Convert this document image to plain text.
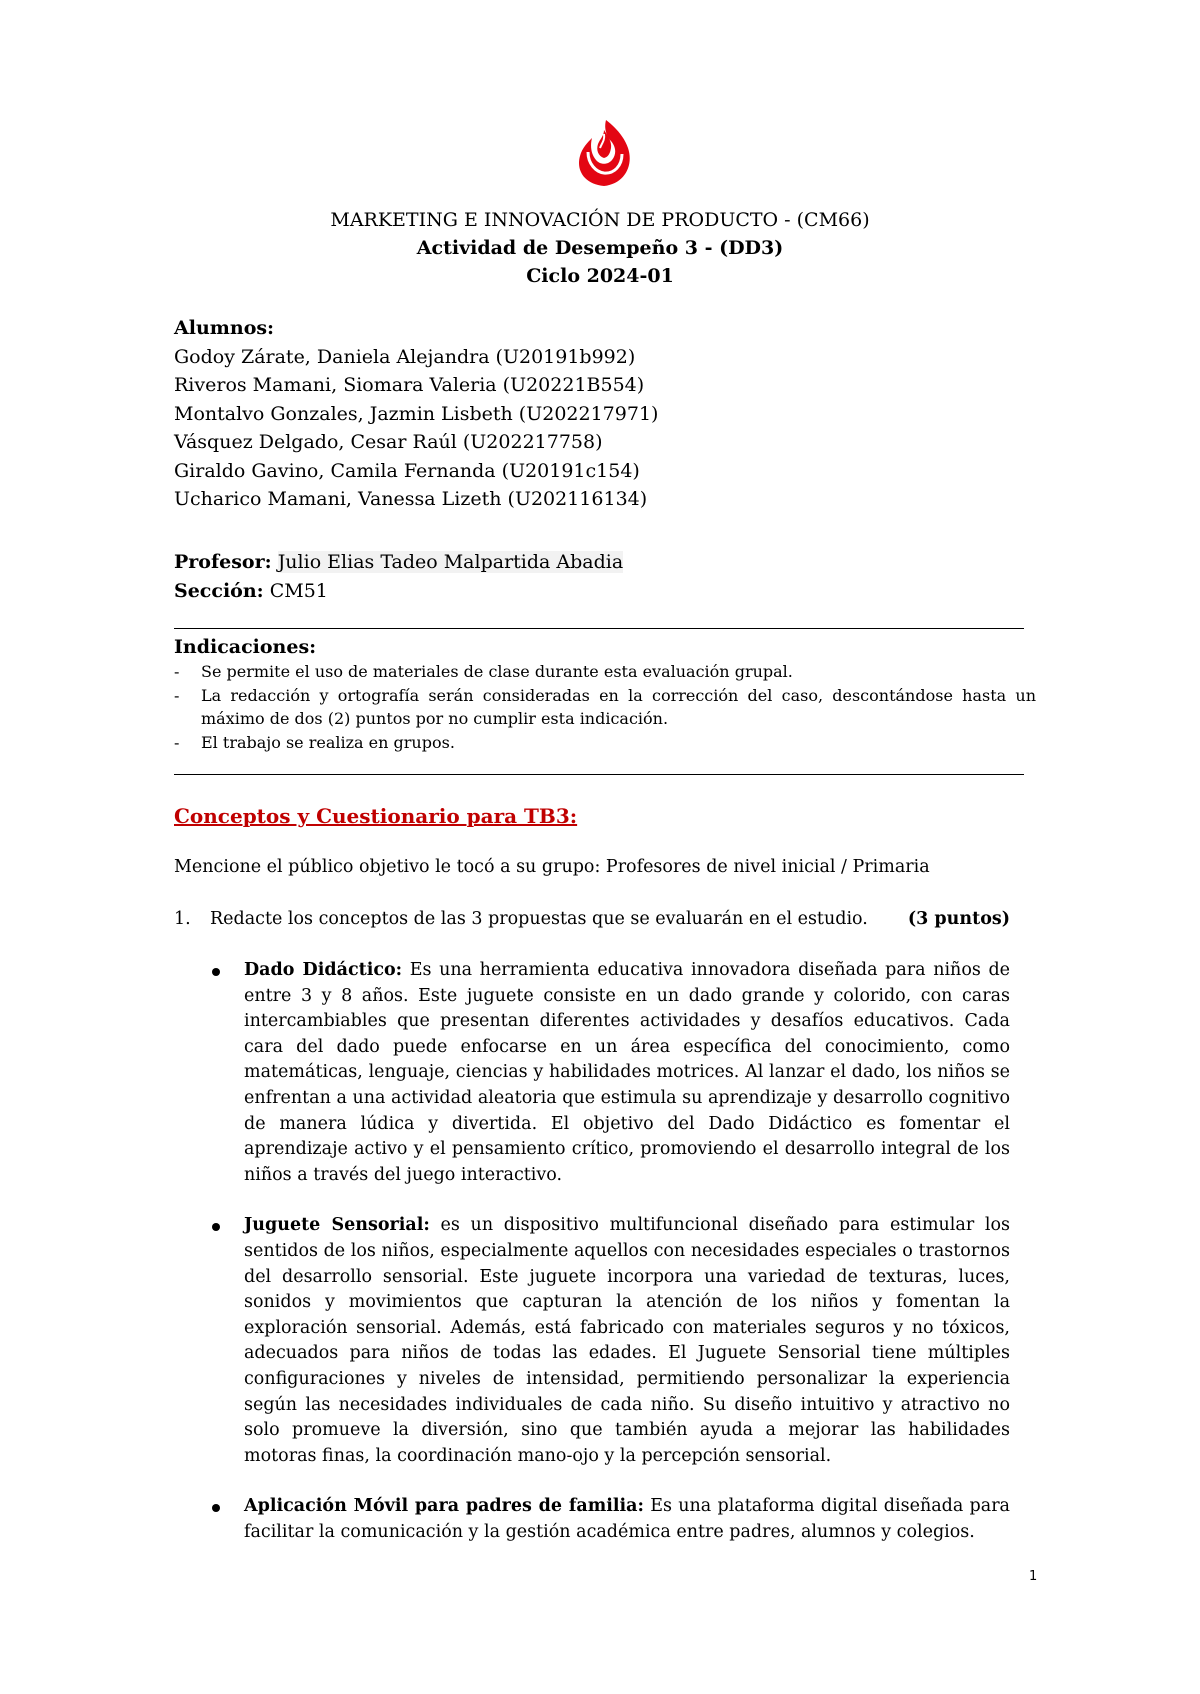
MARKETING E INNOVACIÓN DE PRODUCTO - (CM66)
Actividad de Desempeño 3 - (DD3)
Ciclo 2024-01
Alumnos:
Godoy Zárate, Daniela Alejandra (U20191b992)
Riveros Mamani, Siomara Valeria (U20221B554)
Montalvo Gonzales, Jazmin Lisbeth (U202217971)
Vásquez Delgado, Cesar Raúl (U202217758)
Giraldo Gavino, Camila Fernanda (U20191c154)
Ucharico Mamani, Vanessa Lizeth (U202116134)
Profesor: Julio Elias Tadeo Malpartida Abadia
Sección: CM51
Indicaciones:
- Se permite el uso de materiales de clase durante esta evaluación grupal.
- La redacción y ortografía serán consideradas en la corrección del caso, descontándose hasta un máximo de dos (2) puntos por no cumplir esta indicación.
- El trabajo se realiza en grupos.
Conceptos y Cuestionario para TB3:
Mencione el público objetivo le tocó a su grupo: Profesores de nivel inicial / Primaria
1. Redacte los conceptos de las 3 propuestas que se evaluarán en el estudio. (3 puntos)
Dado Didáctico: Es una herramienta educativa innovadora diseñada para niños de entre 3 y 8 años. Este juguete consiste en un dado grande y colorido, con caras intercambiables que presentan diferentes actividades y desafíos educativos. Cada cara del dado puede enfocarse en un área específica del conocimiento, como matemáticas, lenguaje, ciencias y habilidades motrices. Al lanzar el dado, los niños se enfrentan a una actividad aleatoria que estimula su aprendizaje y desarrollo cognitivo de manera lúdica y divertida. El objetivo del Dado Didáctico es fomentar el aprendizaje activo y el pensamiento crítico, promoviendo el desarrollo integral de los niños a través del juego interactivo.
Juguete Sensorial: es un dispositivo multifuncional diseñado para estimular los sentidos de los niños, especialmente aquellos con necesidades especiales o trastornos del desarrollo sensorial. Este juguete incorpora una variedad de texturas, luces, sonidos y movimientos que capturan la atención de los niños y fomentan la exploración sensorial. Además, está fabricado con materiales seguros y no tóxicos, adecuados para niños de todas las edades. El Juguete Sensorial tiene múltiples configuraciones y niveles de intensidad, permitiendo personalizar la experiencia según las necesidades individuales de cada niño. Su diseño intuitivo y atractivo no solo promueve la diversión, sino que también ayuda a mejorar las habilidades motoras finas, la coordinación mano-ojo y la percepción sensorial.
Aplicación Móvil para padres de familia: Es una plataforma digital diseñada para facilitar la comunicación y la gestión académica entre padres, alumnos y colegios.
1
